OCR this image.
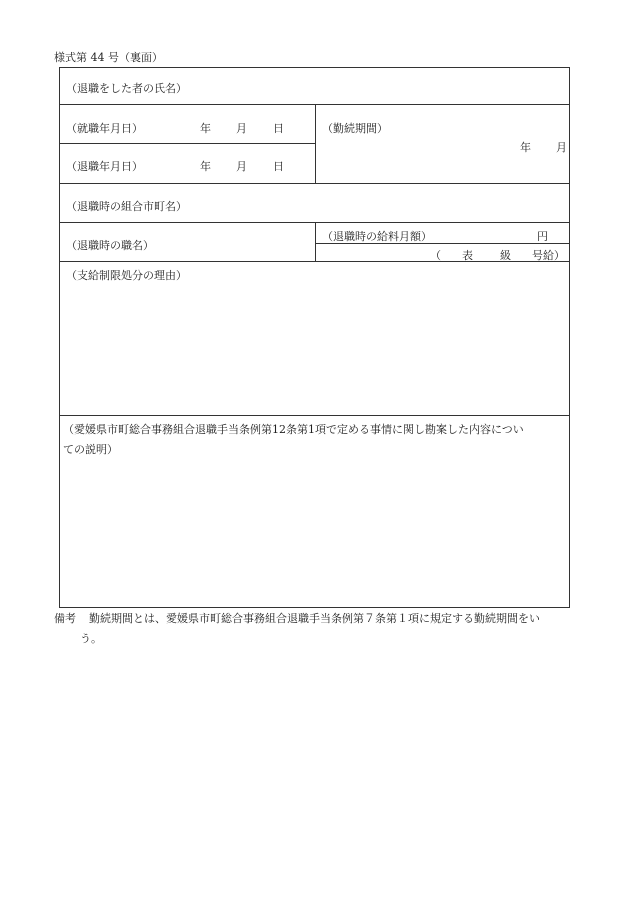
様式第 44 号（裏面）
（退職をした者の氏名）
（就職年月日）	年 月 日
（退職年月日）	年 月 日
（勤続期間）
年 月
（退職時の組合市町名）
（退職時の職名）
（退職時の給料月額）	円
（ 表 級 号給）
（支給制限処分の理由）
（愛媛県市町総合事務組合退職手当条例第12条第1項で定める事情に関し勘案した内容につい
ての説明）
備考 勤続期間とは、愛媛県市町総合事務組合退職手当条例第７条第１項に規定する勤続期間をい
う。
